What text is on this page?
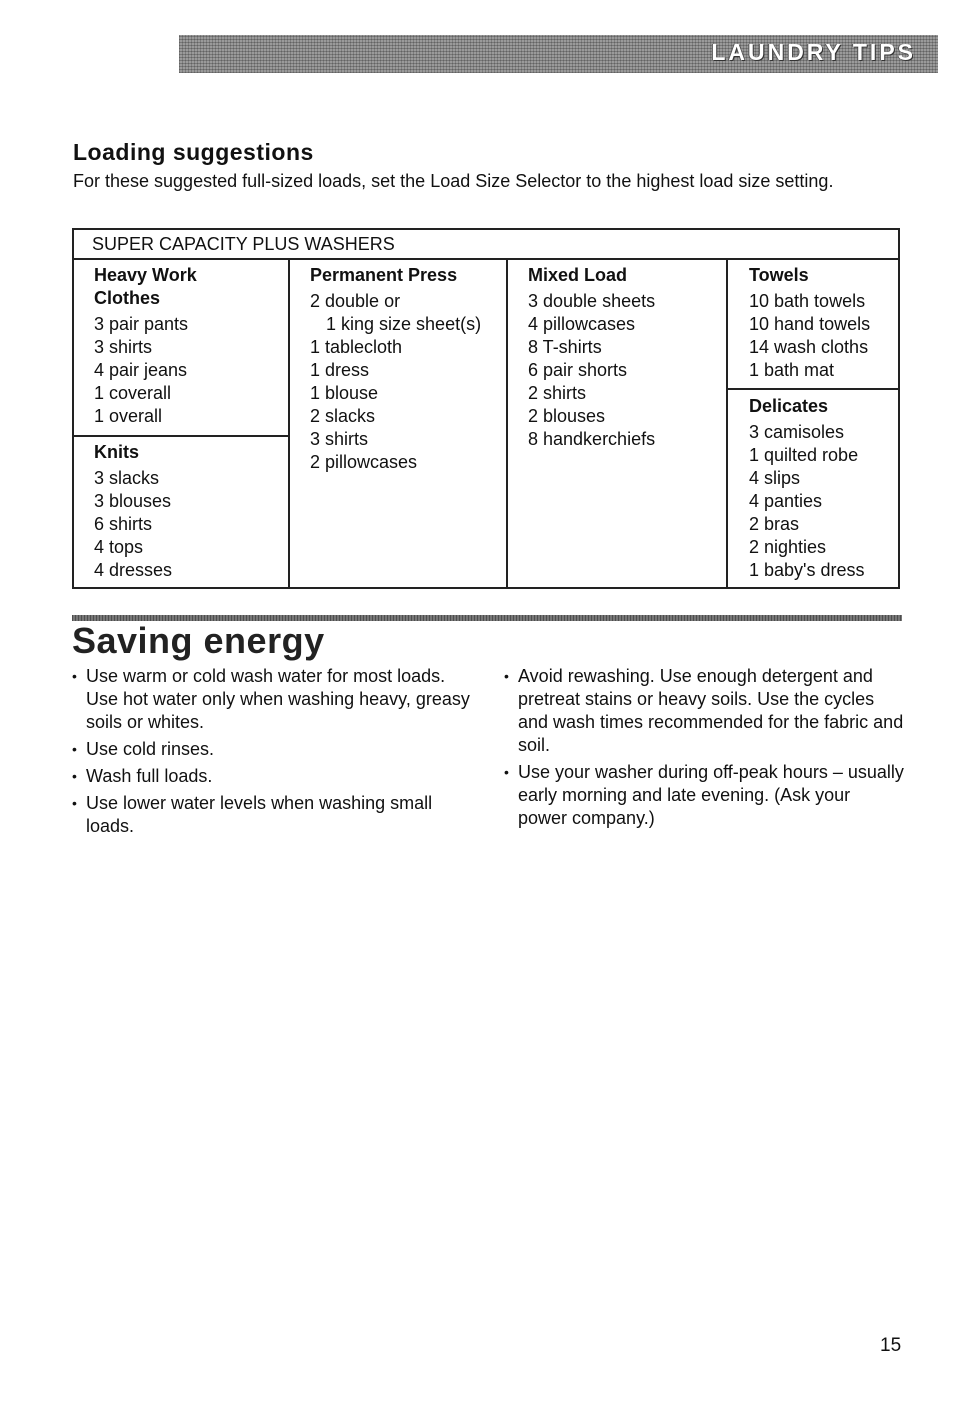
LAUNDRY TIPS
Loading suggestions

For these suggested full-sized loads, set the Load Size Selector to the highest load size setting.

SUPER CAPACITY PLUS WASHERS

Heavy Work Clothes

3 pair pants
3 shirts
4 pair jeans
1 coverall
1 overall

Knits

3 slacks
3 blouses
6 shirts
4 tops
4 dresses

Permanent Press

2 double or
1 king size sheet(s)
1 tablecloth
1 dress
1 blouse
2 slacks
3 shirts
2 pillowcases

Mixed Load

3 double sheets
4 pillowcases
8 T-shirts
6 pair shorts
2 shirts
2 blouses
8 handkerchiefs

Towels

10 bath towels
10 hand towels
14 wash cloths
1 bath mat

Delicates

3 camisoles
1 quilted robe
4 slips
4 panties
2 bras
2 nighties
1 baby's dress
Saving energy
• Use warm or cold wash water for most loads. Use hot water only when washing heavy, greasy soils or whites.
• Use cold rinses.
• Wash full loads.
• Use lower water levels when washing small loads.
• Avoid rewashing. Use enough detergent and pretreat stains or heavy soils. Use the cycles and wash times recommended for the fabric and soil.
• Use your washer during off-peak hours – usually early morning and late evening. (Ask your power company.)
15
